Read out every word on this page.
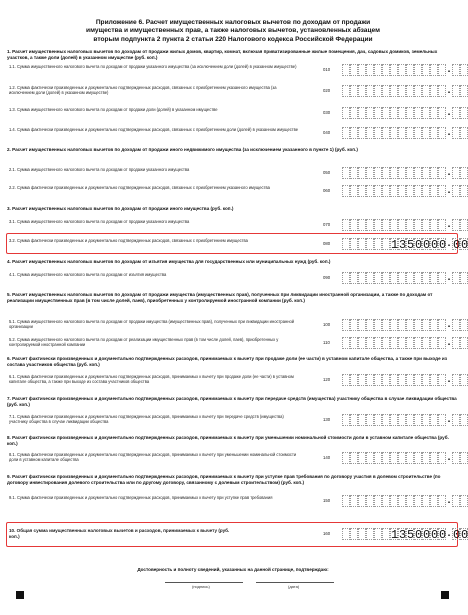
Приложение 6. Расчет имущественных налоговых вычетов по доходам от продажи
имущества и имущественных прав, а также налоговых вычетов, установленных абзацем
вторым подпункта 2 пункта 2 статьи 220 Налогового кодекса Российской Федерации
1. Расчет имущественных налоговых вычетов по доходам от продажи жилых домов, квартир, комнат, включая приватизированные жилые помещения, дач, садовых домиков, земельных участков, а также доли (долей) в указанном имуществе (руб. коп.)
1.1. Сумма имущественного налогового вычета по доходам от продажи указанного имущества (за исключением доли (долей) в указанном имуществе)
010	.
1.2. Сумма фактически произведенных и документально подтвержденных расходов, связанных с приобретением указанного имущества (за исключением доли (долей) в указанном имуществе)	020	.
1.3. Сумма имущественного налогового вычета по доходам от продажи доли (долей) в указанном имуществе
030	.
1.4. Сумма фактически произведенных и документально подтвержденных расходов, связанных с приобретением доли (долей) в указанном имуществе
040	.
2. Расчет имущественных налоговых вычетов по доходам от продажи иного недвижимого имущества (за исключением указанного в пункте 1) (руб. коп.)
2.1. Сумма имущественного налогового вычета по доходам от продажи указанного имущества
050	.
2.2. Сумма фактически произведенных и документально подтвержденных расходов, связанных с приобретением указанного имущества
060	.
3. Расчет имущественных налоговых вычетов по доходам от продажи иного имущества (руб. коп.)
3.1. Сумма имущественного налогового вычета по доходам от продажи указанного имущества
070	.
3.2. Сумма фактически произведенных и документально подтвержденных расходов, связанных с приобретением имущества
080	1 3 5 0 0 0 0 . 0 0
4. Расчет имущественных налоговых вычетов по доходам от изъятия имущества для государственных или муниципальных нужд (руб. коп.)
4.1. Сумма имущественного налогового вычета по доходам от изъятия имущества
090	.
5. Расчет имущественных налоговых вычетов по доходам от продажи имущества (имущественных прав), полученных при ликвидации иностранной организации, а также по доходам от реализации имущественных прав (в том числе долей, паев), приобретенных у контролируемой иностранной компании (руб. коп.)
5.1. Сумма имущественного налогового вычета по доходам от продажи имущества (имущественных прав), полученных при ликвидации иностранной организации	100	.
5.2. Сумма имущественного налогового вычета по доходам от реализации имущественных прав (в том числе долей, паев), приобретенных у контролируемой иностранной компании	110	.
6. Расчет фактически произведенных и документально подтвержденных расходов, принимаемых к вычету при продаже доли (ее части) в уставном капитале общества, а также при выходе из состава участников общества (руб. коп.)
6.1. Сумма фактически произведенных и документально подтвержденных расходов, принимаемых к вычету при продаже доли (ее части) в уставном капитале общества, а также при выходе из состава участников общества	120	.
7. Расчет фактически произведенных и документально подтвержденных расходов, принимаемых к вычету при передаче средств (имущества) участнику общества в случае ликвидации общества (руб. коп.)
7.1. Сумма фактически произведенных и документально подтвержденных расходов, принимаемых к вычету при передаче средств (имущества) участнику общества в случае ликвидации общества	130	.
8. Расчет фактически произведенных и документально подтвержденных расходов, принимаемых к вычету при уменьшении номинальной стоимости доли в уставном капитале общества (руб. коп.)
8.1. Сумма фактически произведенных и документально подтвержденных расходов, принимаемых к вычету при уменьшении номинальной стоимости доли в уставном капитале общества	140	.
9. Расчет фактически произведенных и документально подтвержденных расходов, принимаемых к вычету при уступке прав требования по договору участия в долевом строительстве (по договору инвестирования долевого строительства или по другому договору, связанному с долевым строительством) (руб. коп.)
9.1. Сумма фактически произведенных и документально подтвержденных расходов, принимаемых к вычету при уступке прав требования
150	.
10. Общая сумма имущественных налоговых вычетов и расходов, принимаемых к вычету (руб. коп.)
160	1 3 5 0 0 0 0 . 0 0
Достоверность и полноту сведений, указанных на данной странице, подтверждаю:
(подпись)	(дата)
